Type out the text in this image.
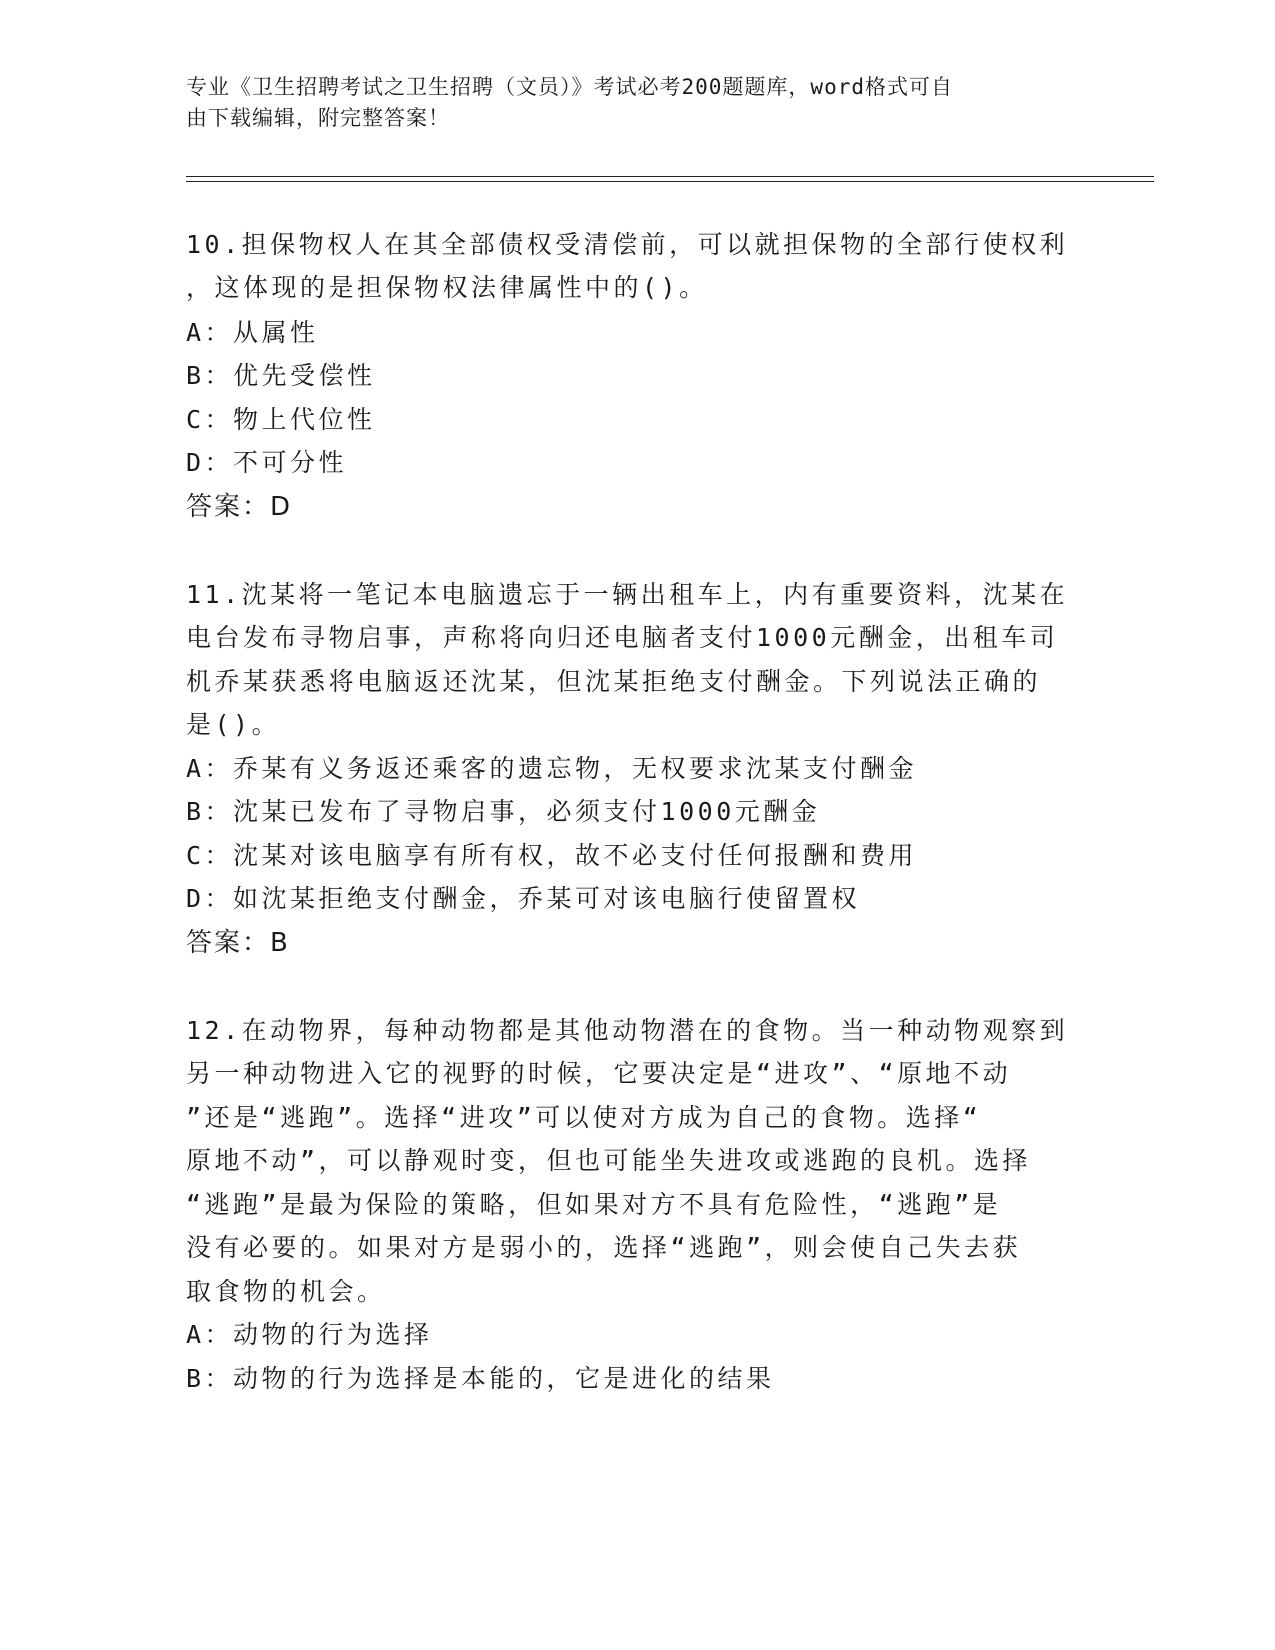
专业《卫生招聘考试之卫生招聘（文员）》考试必考200题题库，word格式可自
由下载编辑，附完整答案！
10.担保物权人在其全部债权受清偿前，可以就担保物的全部行使权利
，这体现的是担保物权法律属性中的()。
A：从属性
B：优先受偿性
C：物上代位性
D：不可分性
答案：D
11.沈某将一笔记本电脑遗忘于一辆出租车上，内有重要资料，沈某在
电台发布寻物启事，声称将向归还电脑者支付1000元酬金，出租车司
机乔某获悉将电脑返还沈某，但沈某拒绝支付酬金。下列说法正确的
是()。
A：乔某有义务返还乘客的遗忘物，无权要求沈某支付酬金
B：沈某已发布了寻物启事，必须支付1000元酬金
C：沈某对该电脑享有所有权，故不必支付任何报酬和费用
D：如沈某拒绝支付酬金，乔某可对该电脑行使留置权
答案：B
12.在动物界，每种动物都是其他动物潜在的食物。当一种动物观察到
另一种动物进入它的视野的时候，它要决定是“进攻”、“原地不动
”还是“逃跑”。选择“进攻”可以使对方成为自己的食物。选择“
原地不动”，可以静观时变，但也可能坐失进攻或逃跑的良机。选择
“逃跑”是最为保险的策略，但如果对方不具有危险性，“逃跑”是
没有必要的。如果对方是弱小的，选择“逃跑”，则会使自己失去获
取食物的机会。
A：动物的行为选择
B：动物的行为选择是本能的，它是进化的结果
